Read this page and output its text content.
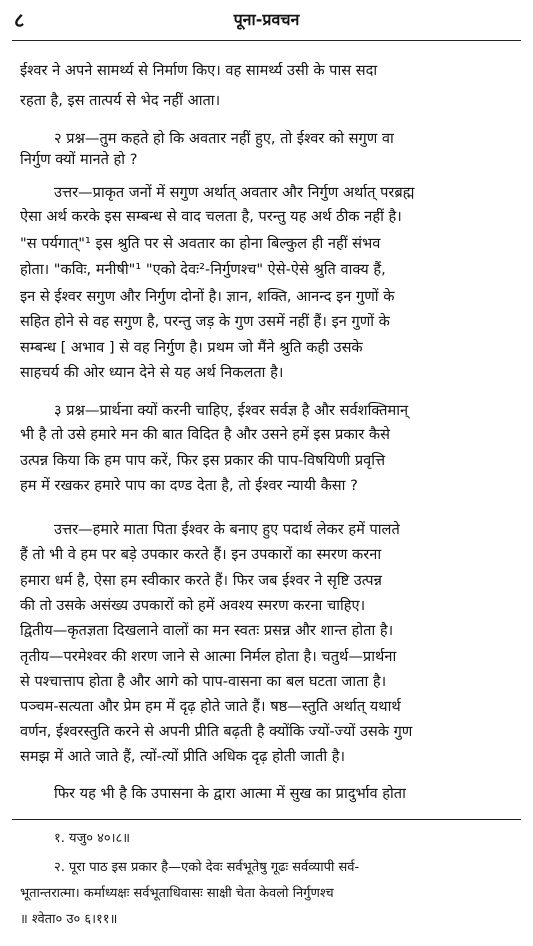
८	पूना-प्रवचन
ईश्वर ने अपने सामर्थ्य से निर्माण किए। वह सामर्थ्य उसी के पास सदा
रहता है, इस तात्पर्य से भेद नहीं आता।
२ प्रश्न—तुम कहते हो कि अवतार नहीं हुए, तो ईश्वर को सगुण वा
निर्गुण क्यों मानते हो ?
उत्तर—प्राकृत जनों में सगुण अर्थात् अवतार और निर्गुण अर्थात् परब्रह्म
ऐसा अर्थ करके इस सम्बन्ध से वाद चलता है, परन्तु यह अर्थ ठीक नहीं है।
"स पर्यगात्"¹ इस श्रुति पर से अवतार का होना बिल्कुल ही नहीं संभव
होता। "कविः, मनीषी"¹ "एको देवः²-निर्गुणश्च" ऐसे-ऐसे श्रुति वाक्य हैं,
इन से ईश्वर सगुण और निर्गुण दोनों है। ज्ञान, शक्ति, आनन्द इन गुणों के
सहित होने से वह सगुण है, परन्तु जड़ के गुण उसमें नहीं हैं। इन गुणों के
सम्बन्ध [ अभाव ] से वह निर्गुण है। प्रथम जो मैंने श्रुति कही उसके
साहचर्य की ओर ध्यान देने से यह अर्थ निकलता है।
३ प्रश्न—प्रार्थना क्यों करनी चाहिए, ईश्वर सर्वज्ञ है और सर्वशक्तिमान्
भी है तो उसे हमारे मन की बात विदित है और उसने हमें इस प्रकार कैसे
उत्पन्न किया कि हम पाप करें, फिर इस प्रकार की पाप-विषयिणी प्रवृत्ति
हम में रखकर हमारे पाप का दण्ड देता है, तो ईश्वर न्यायी कैसा ?
उत्तर—हमारे माता पिता ईश्वर के बनाए हुए पदार्थ लेकर हमें पालते
हैं तो भी वे हम पर बड़े उपकार करते हैं। इन उपकारों का स्मरण करना
हमारा धर्म है, ऐसा हम स्वीकार करते हैं। फिर जब ईश्वर ने सृष्टि उत्पन्न
की तो उसके असंख्य उपकारों को हमें अवश्य स्मरण करना चाहिए।
द्वितीय—कृतज्ञता दिखलाने वालों का मन स्वतः प्रसन्न और शान्त होता है।
तृतीय—परमेश्वर की शरण जाने से आत्मा निर्मल होता है। चतुर्थ—प्रार्थना
से पश्चात्ताप होता है और आगे को पाप-वासना का बल घटता जाता है।
पञ्चम-सत्यता और प्रेम हम में दृढ़ होते जाते हैं। षष्ठ—स्तुति अर्थात् यथार्थ
वर्णन, ईश्वरस्तुति करने से अपनी प्रीति बढ़ती है क्योंकि ज्यों-ज्यों उसके गुण
समझ में आते जाते हैं, त्यों-त्यों प्रीति अधिक दृढ़ होती जाती है।
फिर यह भी है कि उपासना के द्वारा आत्मा में सुख का प्रादुर्भाव होता
१. यजु० ४०।८॥
२. पूरा पाठ इस प्रकार है—एको देवः सर्वभूतेषु गूढः सर्वव्यापी सर्व-
भूतान्तरात्मा। कर्माध्यक्षः सर्वभूताधिवासः साक्षी चेता केवलो निर्गुणश्च
॥ श्वेता० उ० ६।११॥
